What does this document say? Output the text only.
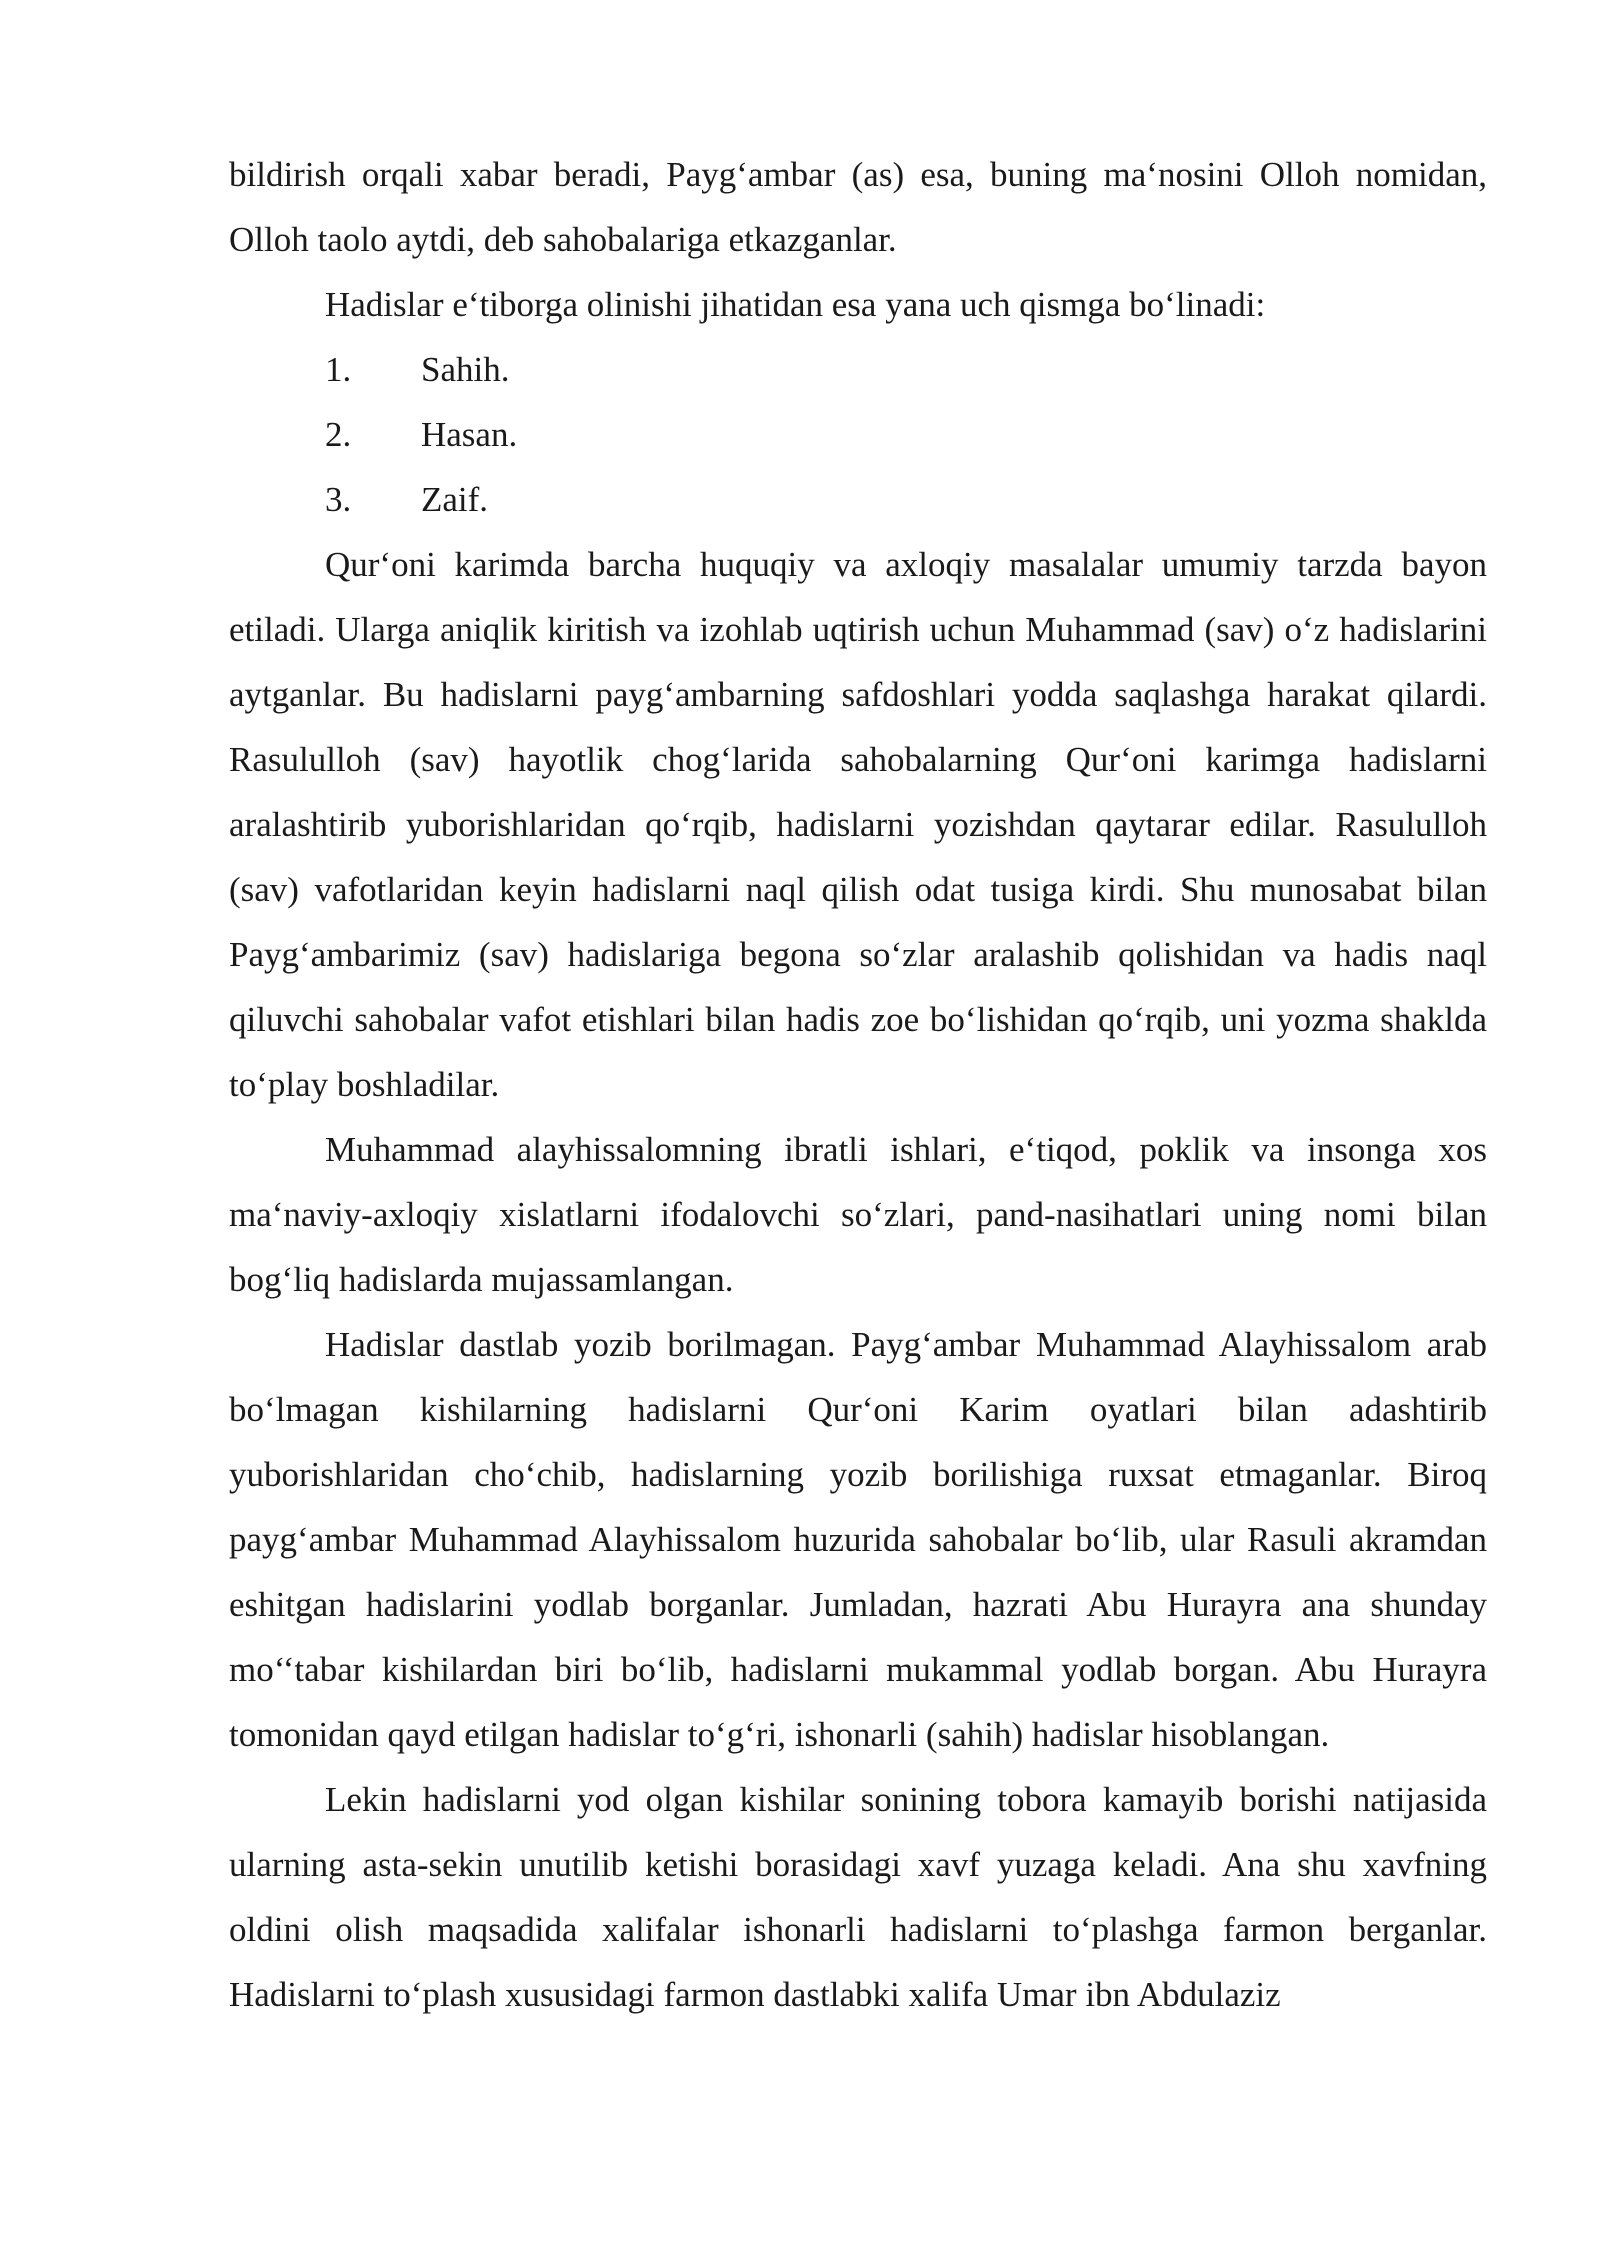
bildirish orqali xabar beradi, Payg‘ambar (as) esa, buning ma‘nosini Olloh nomidan, Olloh taolo aytdi, deb sahobalariga etkazganlar.

Hadislar e‘tiborga olinishi jihatidan esa yana uch qismga bo‘linadi:

1. Sahih.
2. Hasan.
3. Zaif.

Qur‘oni karimda barcha huquqiy va axloqiy masalalar umumiy tarzda bayon etiladi. Ularga aniqlik kiritish va izohlab uqtirish uchun Muhammad (sav) o‘z hadislarini aytganlar. Bu hadislarni payg‘ambarning safdoshlari yodda saqlashga harakat qilardi. Rasululloh (sav) hayotlik chog‘larida sahobalarning Qur‘oni karimga hadislarni aralashtirib yuborishlaridan qo‘rqib, hadislarni yozishdan qaytarar edilar. Rasululloh (sav) vafotlaridan keyin hadislarni naql qilish odat tusiga kirdi. Shu munosabat bilan Payg‘ambarimiz (sav) hadislariga begona so‘zlar aralashib qolishidan va hadis naql qiluvchi sahobalar vafot etishlari bilan hadis zoe bo‘lishidan qo‘rqib, uni yozma shaklda to‘play boshladilar.

Muhammad alayhissalomning ibratli ishlari, e‘tiqod, poklik va insonga xos ma‘naviy-axloqiy xislatlarni ifodalovchi so‘zlari, pand-nasihatlari uning nomi bilan bog‘liq hadislarda mujassamlangan.

Hadislar dastlab yozib borilmagan. Payg‘ambar Muhammad Alayhissalom arab bo‘lmagan kishilarning hadislarni Qur‘oni Karim oyatlari bilan adashtirib yuborishlaridan cho‘chib, hadislarning yozib borilishiga ruxsat etmaganlar. Biroq payg‘ambar Muhammad Alayhissalom huzurida sahobalar bo‘lib, ular Rasuli akramdan eshitgan hadislarini yodlab borganlar. Jumladan, hazrati Abu Hurayra ana shunday mo‘‘tabar kishilardan biri bo‘lib, hadislarni mukammal yodlab borgan. Abu Hurayra tomonidan qayd etilgan hadislar to‘g‘ri, ishonarli (sahih) hadislar hisoblangan.

Lekin hadislarni yod olgan kishilar sonining tobora kamayib borishi natijasida ularning asta-sekin unutilib ketishi borasidagi xavf yuzaga keladi. Ana shu xavfning oldini olish maqsadida xalifalar ishonarli hadislarni to‘plashga farmon berganlar. Hadislarni to‘plash xususidagi farmon dastlabki xalifa Umar ibn Abdulaziz
